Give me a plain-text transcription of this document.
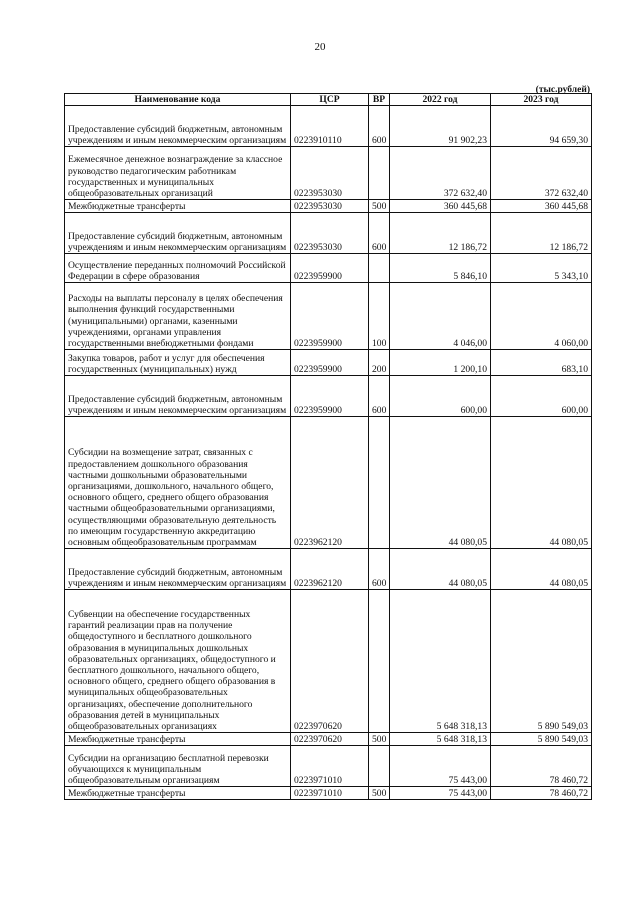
20
(тыс.рублей)
Наименование кода	ЦСР	ВР	2022 год	2023 год
Предоставление субсидий бюджетным, автономным учреждениям и иным некоммерческим организациям	0223910110	600	91 902,23	94 659,30
Ежемесячное денежное вознаграждение за классное руководство педагогическим работникам государственных и муниципальных общеобразовательных организаций	0223953030		372 632,40	372 632,40
Межбюджетные трансферты	0223953030	500	360 445,68	360 445,68
Предоставление субсидий бюджетным, автономным учреждениям и иным некоммерческим организациям	0223953030	600	12 186,72	12 186,72
Осуществление переданных полномочий Российской Федерации в сфере образования	0223959900		5 846,10	5 343,10
Расходы на выплаты персоналу в целях обеспечения выполнения функций государственными (муниципальными) органами, казенными учреждениями, органами управления государственными внебюджетными фондами	0223959900	100	4 046,00	4 060,00
Закупка товаров, работ и услуг для обеспечения государственных (муниципальных) нужд	0223959900	200	1 200,10	683,10
Предоставление субсидий бюджетным, автономным учреждениям и иным некоммерческим организациям	0223959900	600	600,00	600,00
Субсидии на возмещение затрат, связанных с предоставлением дошкольного образования частными дошкольными образовательными организациями, дошкольного, начального общего, основного общего, среднего общего образования частными общеобразовательными организациями, осуществляющими образовательную деятельность по имеющим государственную аккредитацию основным общеобразовательным программам	0223962120		44 080,05	44 080,05
Предоставление субсидий бюджетным, автономным учреждениям и иным некоммерческим организациям	0223962120	600	44 080,05	44 080,05
Субвенции на обеспечение государственных гарантий реализации прав на получение общедоступного и бесплатного дошкольного образования в муниципальных дошкольных образовательных организациях, общедоступного и бесплатного дошкольного, начального общего, основного общего, среднего общего образования в муниципальных общеобразовательных организациях, обеспечение дополнительного образования детей в муниципальных общеобразовательных организациях	0223970620		5 648 318,13	5 890 549,03
Межбюджетные трансферты	0223970620	500	5 648 318,13	5 890 549,03
Субсидии на организацию бесплатной перевозки обучающихся к муниципальным общеобразовательным организациям	0223971010		75 443,00	78 460,72
Межбюджетные трансферты	0223971010	500	75 443,00	78 460,72
